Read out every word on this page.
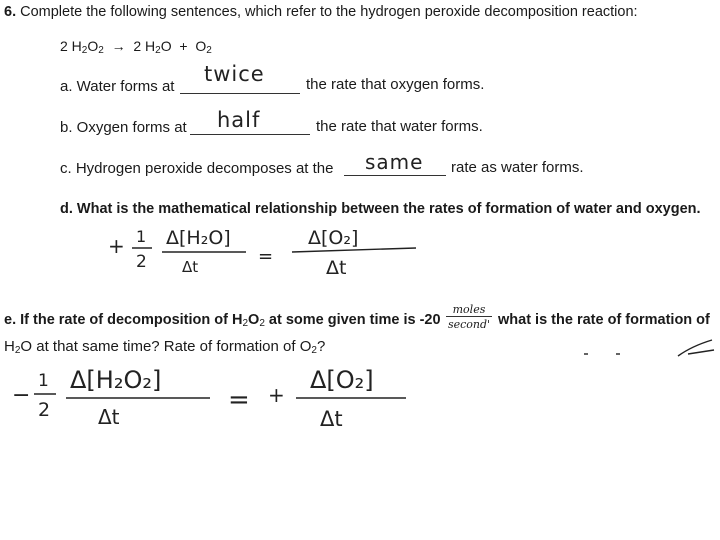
6. Complete the following sentences, which refer to the hydrogen peroxide decomposition reaction:
2 $H_2O_2 \to 2$ $H_2O + O_2$
a. Water forms at
twice	the rate that oxygen forms.
b. Oxygen forms at half	the rate that water forms.
c. Hydrogen peroxide decomposes at the same rate as water forms.
d. What is the mathematical relationship between the rates of formation of water and oxygen.
+ 1
2
Δ[H₂O]
Δt	=
Δ[O₂]
Δt
e. If the rate of decomposition of $H_2O_2$ at some given time is -20
moles
second' what is the rate of formation of
$H_2O$ at that same time? Rate of formation of $O_2$?
−
1
2
Δ[H₂O₂]
Δt
= +
Δ[O₂]
Δt
